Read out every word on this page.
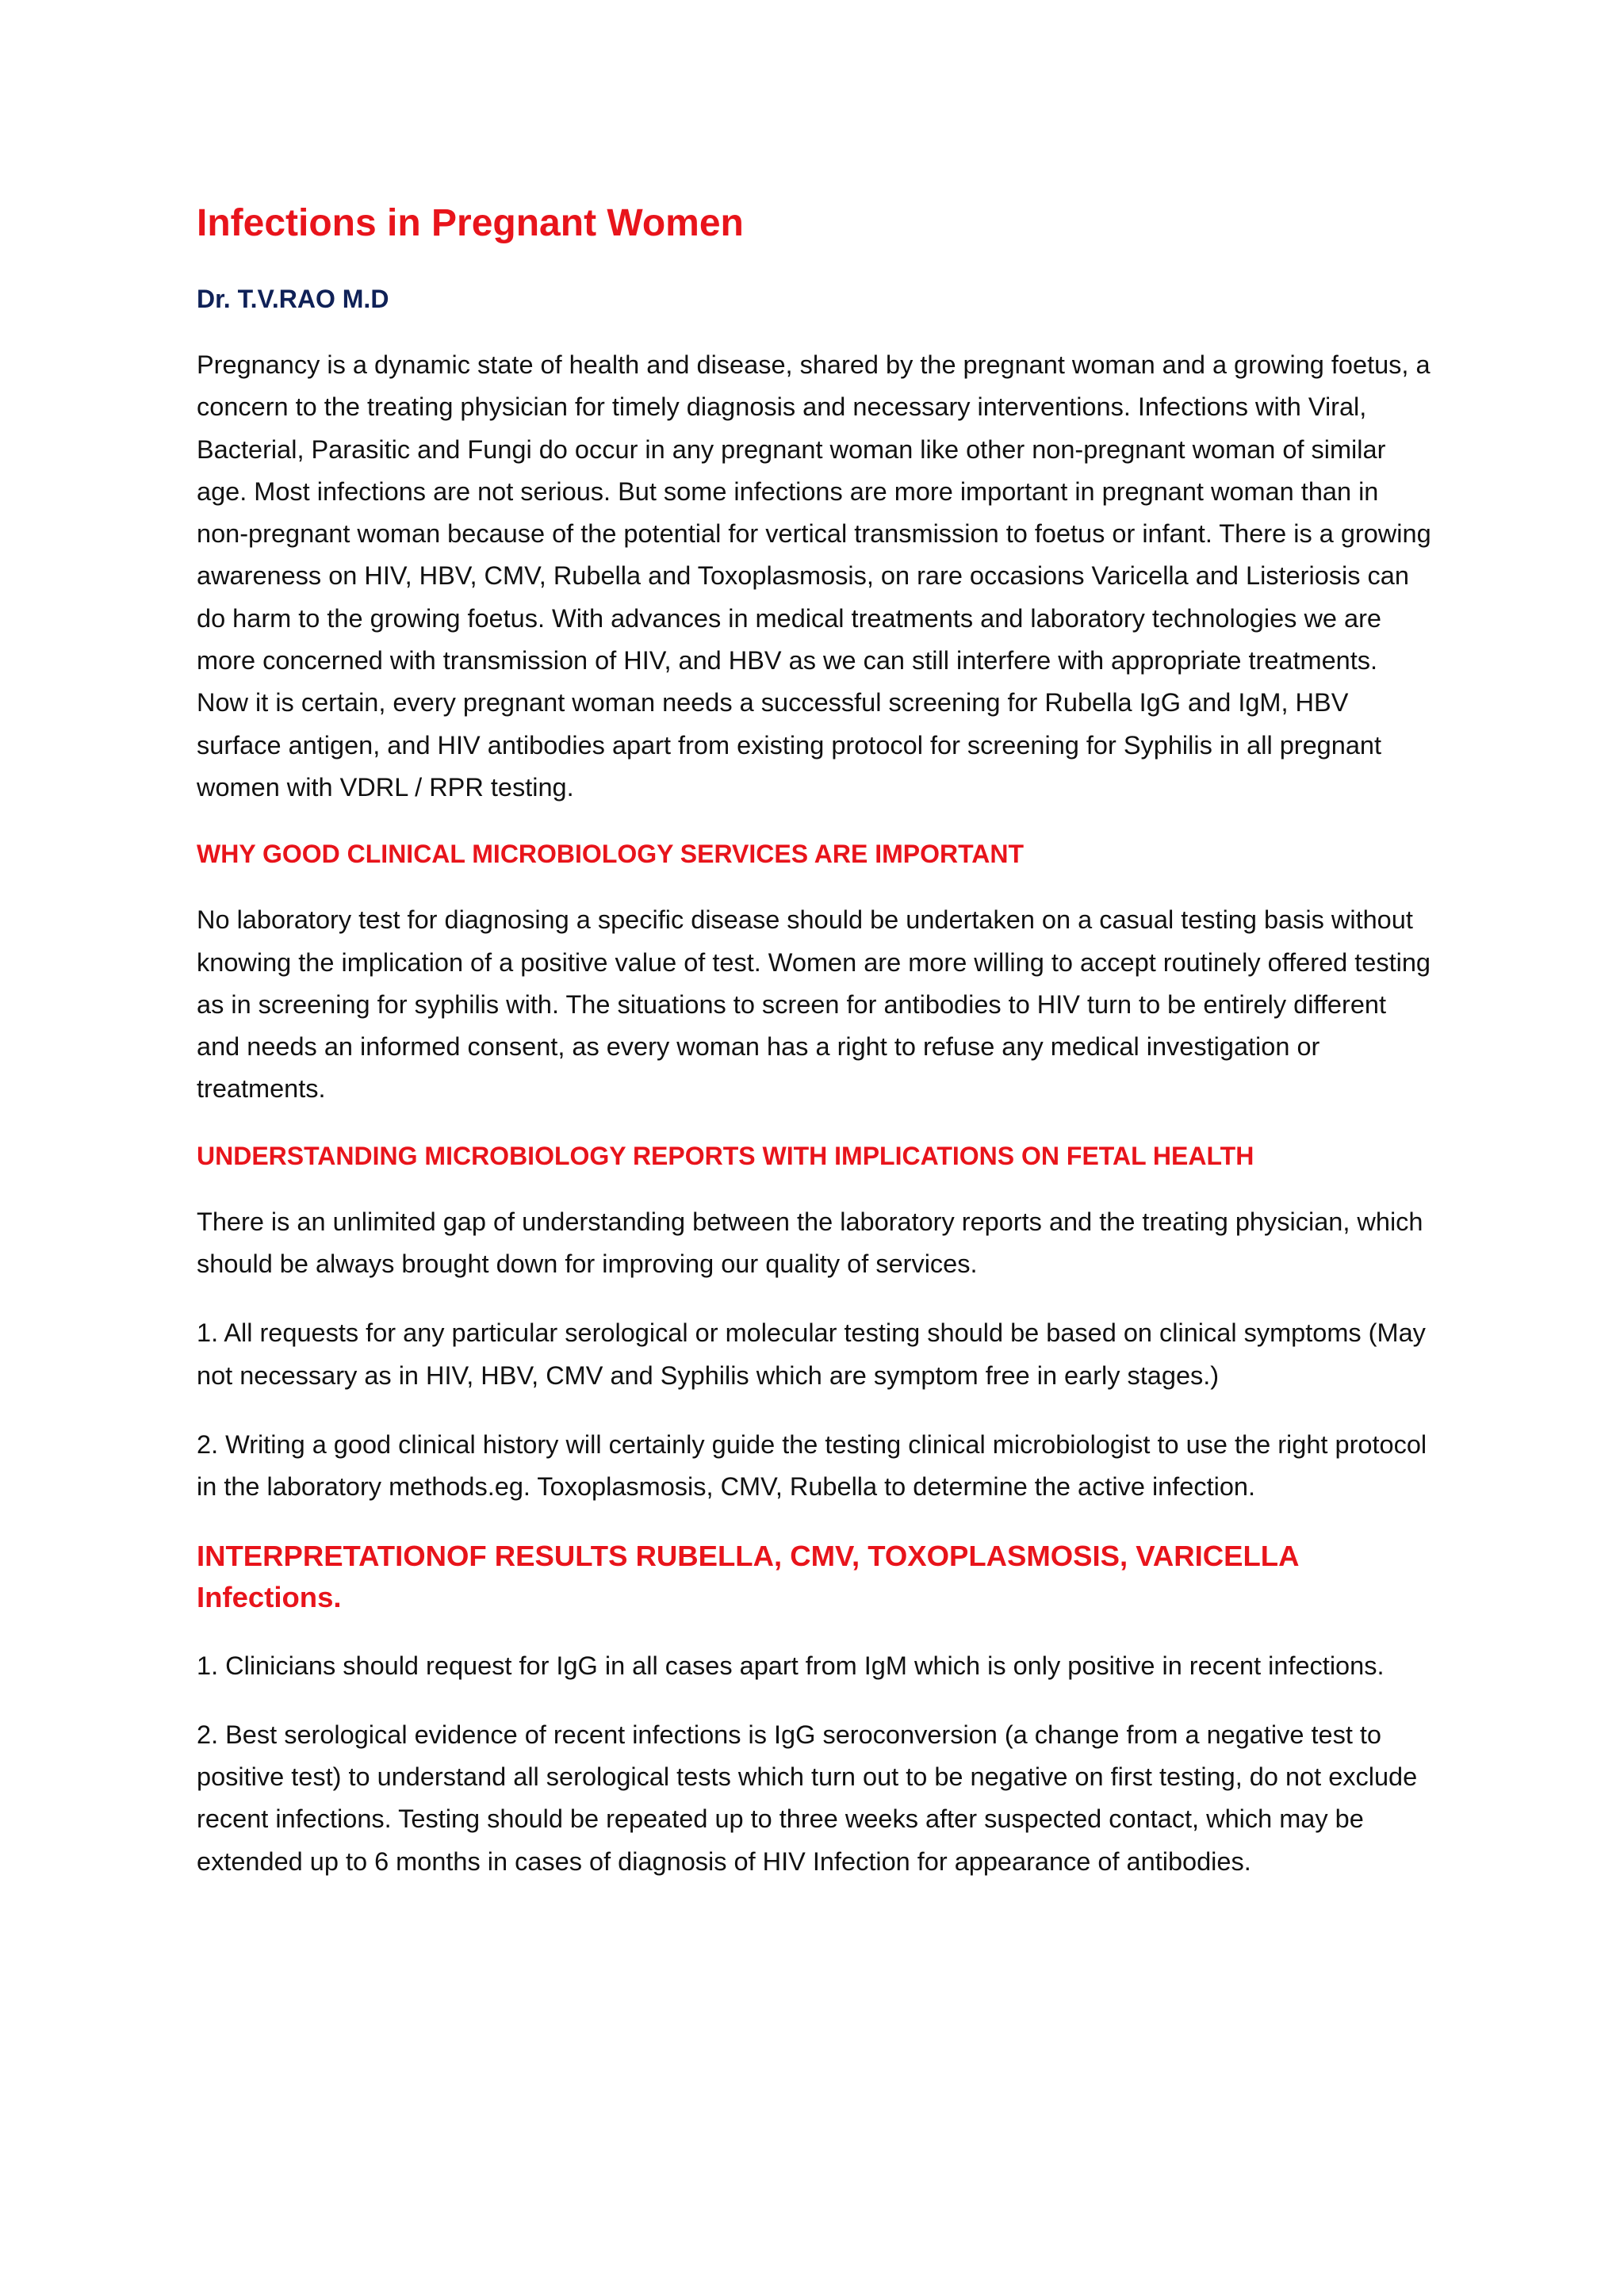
Infections in Pregnant Women

Dr. T.V.RAO M.D

Pregnancy is a dynamic state of health and disease, shared by the pregnant woman and a growing foetus, a concern to the treating physician for timely diagnosis and necessary interventions. Infections with Viral, Bacterial, Parasitic and Fungi do occur in any pregnant woman like other non-pregnant woman of similar age. Most infections are not serious. But some infections are more important in pregnant woman than in non-pregnant woman because of the potential for vertical transmission to foetus or infant. There is a growing awareness on HIV, HBV, CMV, Rubella and Toxoplasmosis, on rare occasions Varicella and Listeriosis can do harm to the growing foetus. With advances in medical treatments and laboratory technologies we are more concerned with transmission of HIV, and HBV as we can still interfere with appropriate treatments. Now it is certain, every pregnant woman needs a successful screening for Rubella IgG and IgM, HBV surface antigen, and HIV antibodies apart from existing protocol for screening for Syphilis in all pregnant women with VDRL / RPR testing.

WHY GOOD CLINICAL MICROBIOLOGY SERVICES ARE IMPORTANT

No laboratory test for diagnosing a specific disease should be undertaken on a casual testing basis without knowing the implication of a positive value of test. Women are more willing to accept routinely offered testing as in screening for syphilis with. The situations to screen for antibodies to HIV turn to be entirely different and needs an informed consent, as every woman has a right to refuse any medical investigation or treatments.

UNDERSTANDING MICROBIOLOGY REPORTS WITH IMPLICATIONS ON FETAL HEALTH

There is an unlimited gap of understanding between the laboratory reports and the treating physician, which should be always brought down for improving our quality of services.

1. All requests for any particular serological or molecular testing should be based on clinical symptoms (May not necessary as in HIV, HBV, CMV and Syphilis which are symptom free in early stages.)

2. Writing a good clinical history will certainly guide the testing clinical microbiologist to use the right protocol in the laboratory methods.eg. Toxoplasmosis, CMV, Rubella to determine the active infection.

INTERPRETATIONOF RESULTS RUBELLA, CMV, TOXOPLASMOSIS, VARICELLA Infections.

1. Clinicians should request for IgG in all cases apart from IgM which is only positive in recent infections.

2. Best serological evidence of recent infections is IgG seroconversion (a change from a negative test to positive test) to understand all serological tests which turn out to be negative on first testing, do not exclude recent infections. Testing should be repeated up to three weeks after suspected contact, which may be extended up to 6 months in cases of diagnosis of HIV Infection for appearance of antibodies.
